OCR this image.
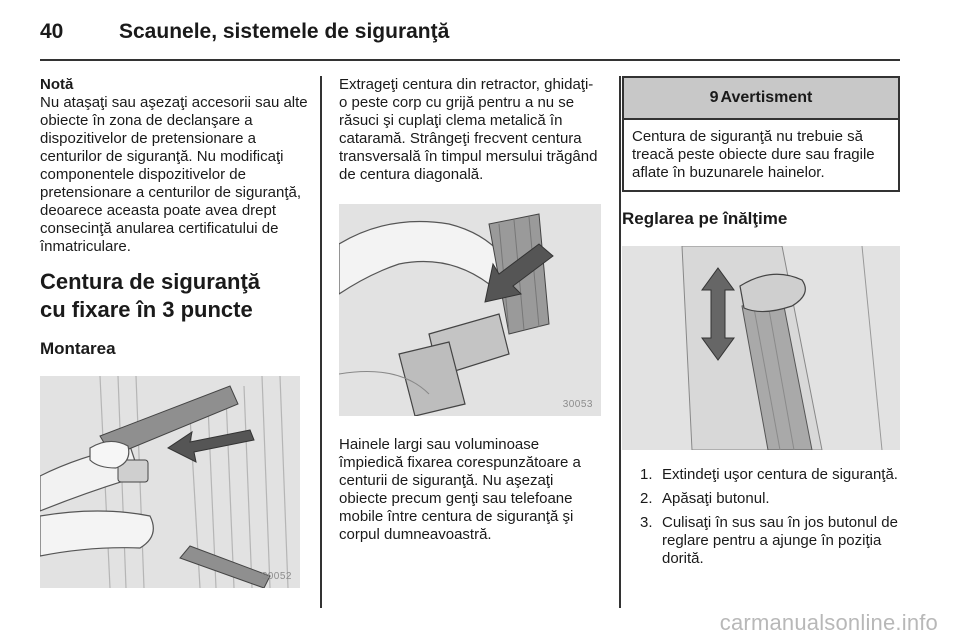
40	Scaunele, sistemele de siguranţă
Notă
Nu ataşaţi sau aşezaţi accesorii sau alte obiecte în zona de declanşare a dispozitivelor de pretensionare a centurilor de siguranţă. Nu modificaţi componentele dispozitivelor de pretensionare a centurilor de siguranţă, deoarece aceasta poate avea drept consecinţă anularea certificatului de înmatriculare.
Centura de siguranţă cu fixare în 3 puncte
Montarea
30052
Extrageţi centura din retractor, ghidaţi-o peste corp cu grijă pentru a nu se răsuci şi cuplaţi clema metalică în cataramă. Strângeţi frecvent centura transversală în timpul mersului trăgând de centura diagonală.
30053
Hainele largi sau voluminoase împiedică fixarea corespunzătoare a centurii de siguranţă. Nu aşezaţi obiecte precum genţi sau telefoane mobile între centura de siguranţă şi corpul dumneavoastră.
9 Avertisment
Centura de siguranţă nu trebuie să treacă peste obiecte dure sau fragile aflate în buzunarele hainelor.
Reglarea pe înălţime
1. Extindeţi uşor centura de siguranţă.
2. Apăsaţi butonul.
3. Culisaţi în sus sau în jos butonul de reglare pentru a ajunge în poziţia dorită.
carmanualsonline.info
